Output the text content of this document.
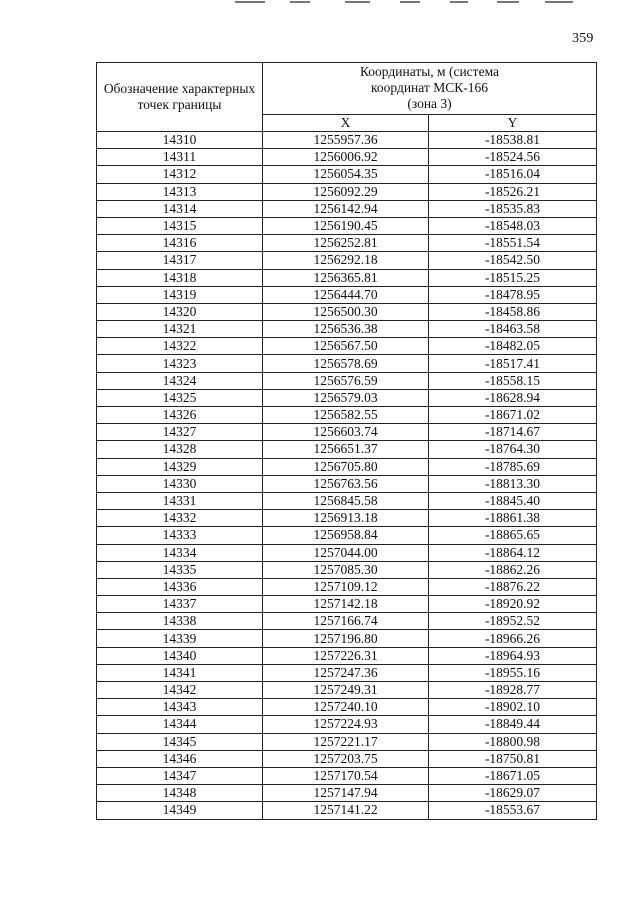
359
Обозначение характерных точек границы	Координаты, м (система координат МСК-166 (зона 3)	

	X	Y
14310	1255957.36	-18538.81
14311	1256006.92	-18524.56
14312	1256054.35	-18516.04
14313	1256092.29	-18526.21
14314	1256142.94	-18535.83
14315	1256190.45	-18548.03
14316	1256252.81	-18551.54
14317	1256292.18	-18542.50
14318	1256365.81	-18515.25
14319	1256444.70	-18478.95
14320	1256500.30	-18458.86
14321	1256536.38	-18463.58
14322	1256567.50	-18482.05
14323	1256578.69	-18517.41
14324	1256576.59	-18558.15
14325	1256579.03	-18628.94
14326	1256582.55	-18671.02
14327	1256603.74	-18714.67
14328	1256651.37	-18764.30
14329	1256705.80	-18785.69
14330	1256763.56	-18813.30
14331	1256845.58	-18845.40
14332	1256913.18	-18861.38
14333	1256958.84	-18865.65
14334	1257044.00	-18864.12
14335	1257085.30	-18862.26
14336	1257109.12	-18876.22
14337	1257142.18	-18920.92
14338	1257166.74	-18952.52
14339	1257196.80	-18966.26
14340	1257226.31	-18964.93
14341	1257247.36	-18955.16
14342	1257249.31	-18928.77
14343	1257240.10	-18902.10
14344	1257224.93	-18849.44
14345	1257221.17	-18800.98
14346	1257203.75	-18750.81
14347	1257170.54	-18671.05
14348	1257147.94	-18629.07
14349	1257141.22	-18553.67
